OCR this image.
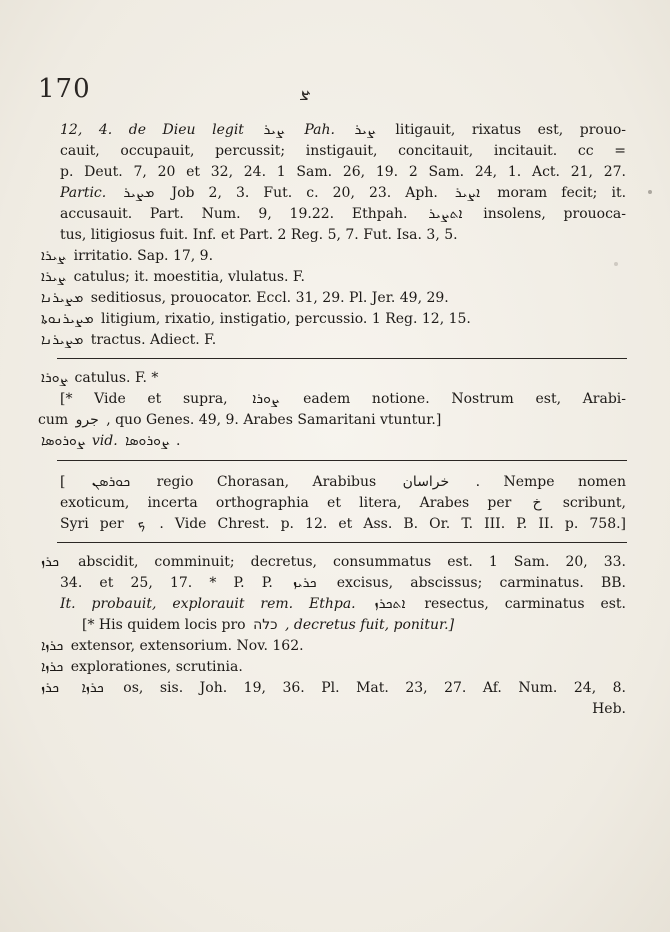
170	ܨ
12, 4. de Dieu legit ܨܝܪ Pah. ܨܝܪ litigauit, rixatus est, prouo-
cauit, occupauit, percussit; instigauit, concitauit, incitauit. cc =
p. Deut. 7, 20 et 32, 24. 1 Sam. 26, 19. 2 Sam. 24, 1. Act. 21, 27.
Partic. ܡܨܝܪ Job 2, 3. Fut. c. 20, 23. Aph. ܐܨܝܪ moram fecit; it.
accusauit. Part. Num. 9, 19.22. Ethpah. ܐܬܨܝܪ insolens, prouoca-
tus, litigiosus fuit. Inf. et Part. 2 Reg. 5, 7. Fut. Isa. 3, 5.
ܨܝܪܐ irritatio. Sap. 17, 9.
ܨܝܪܐ catulus; it. moestitia, vlulatus. F.
ܡܨܝܪܢܐ seditiosus, prouocator. Eccl. 31, 29. Pl. Jer. 49, 29.
ܡܨܝܪܢܘܬܐ litigium, rixatio, instigatio, percussio. 1 Reg. 12, 15.
ܡܨܝܪܢܐ tractus. Adiect. F.
ܨܘܪܐ catulus. F. *
[* Vide et supra, ܨܘܪܐ eadem notione. Nostrum est, Arabi-
cum جرو , quo Genes. 49, 9. Arabes Samaritani vtuntur.]
ܨܘܪܘܣܐ vid. ܨܘܪܘܣܐ .
[ ܟܘܪܣܢ regio Chorasan, Arabibus خراسان . Nempe nomen
exoticum, incerta orthographia et litera, Arabes per خ scribunt,
Syri per ܟ . Vide Chrest. p. 12. et Ass. B. Or. T. III. P. II. p. 758.]
ܟܪܙ abscidit, comminuit; decretus, consummatus est. 1 Sam. 20, 33.
34. et 25, 17. * P. P. ܟܪܝܙ excisus, abscissus; carminatus. BB.
It. probauit, explorauit rem. Ethpa. ܐܬܟܪܙ resectus, carminatus est.
[* His quidem locis pro כלה , decretus fuit, ponitur.]
ܟܪܙܐ extensor, extensorium. Nov. 162.
ܟܪܙܐ explorationes, scrutinia.
ܟܪܙ ܟܪܙܐ os, sis. Joh. 19, 36. Pl. Mat. 23, 27. Af. Num. 24, 8.
Heb.
